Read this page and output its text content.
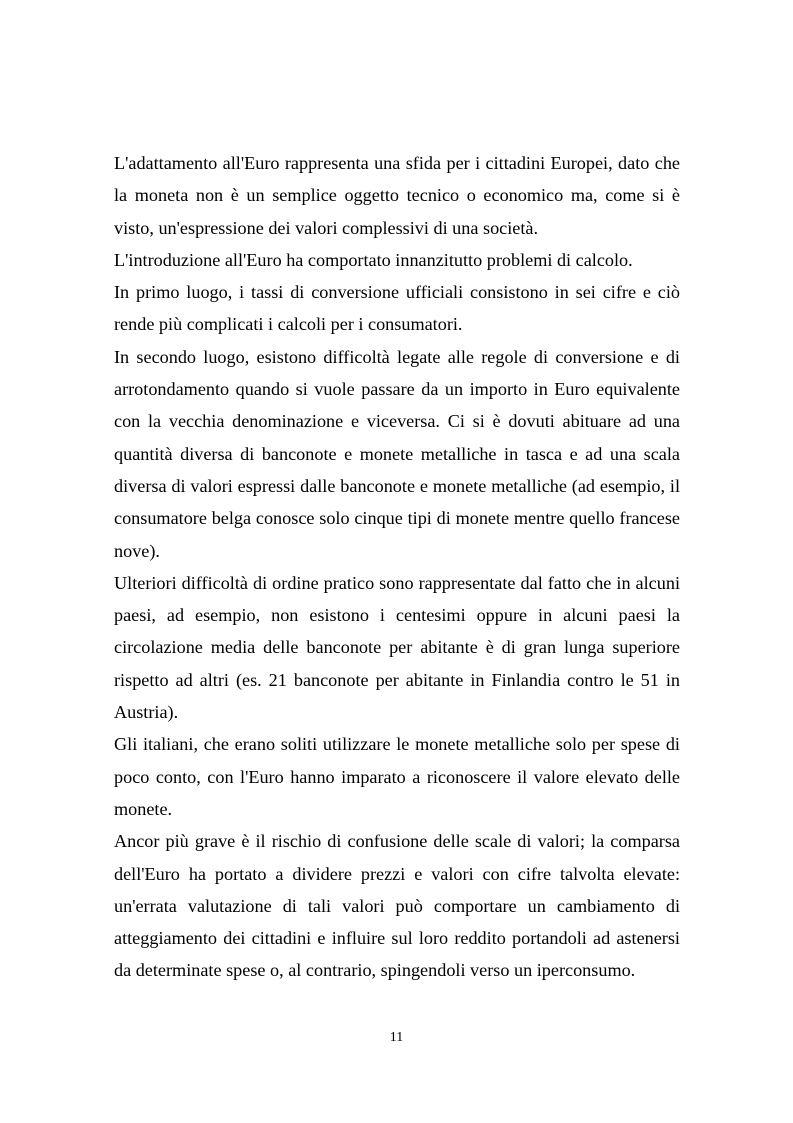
L'adattamento all'Euro rappresenta una sfida per i cittadini Europei, dato che la moneta non è un semplice oggetto tecnico o economico ma, come si è visto, un'espressione dei valori complessivi di una società.

L'introduzione all'Euro ha comportato innanzitutto problemi di calcolo.

In primo luogo, i tassi di conversione ufficiali consistono in sei cifre e ciò rende più complicati i calcoli per i consumatori.

In secondo luogo, esistono difficoltà legate alle regole di conversione e di arrotondamento quando si vuole passare da un importo in Euro equivalente con la vecchia denominazione e viceversa. Ci si è dovuti abituare ad una quantità diversa di banconote e monete metalliche in tasca e ad una scala diversa di valori espressi dalle banconote e monete metalliche (ad esempio, il consumatore belga conosce solo cinque tipi di monete mentre quello francese nove).

Ulteriori difficoltà di ordine pratico sono rappresentate dal fatto che in alcuni paesi, ad esempio, non esistono i centesimi oppure in alcuni paesi la circolazione media delle banconote per abitante è di gran lunga superiore rispetto ad altri (es. 21 banconote per abitante in Finlandia contro le 51 in Austria).

Gli italiani, che erano soliti utilizzare le monete metalliche solo per spese di poco conto, con l'Euro hanno imparato a riconoscere il valore elevato delle monete.

Ancor più grave è il rischio di confusione delle scale di valori; la comparsa dell'Euro ha portato a dividere prezzi e valori con cifre talvolta elevate: un'errata valutazione di tali valori può comportare un cambiamento di atteggiamento dei cittadini e influire sul loro reddito portandoli ad astenersi da determinate spese o, al contrario, spingendoli verso un iperconsumo.

11
